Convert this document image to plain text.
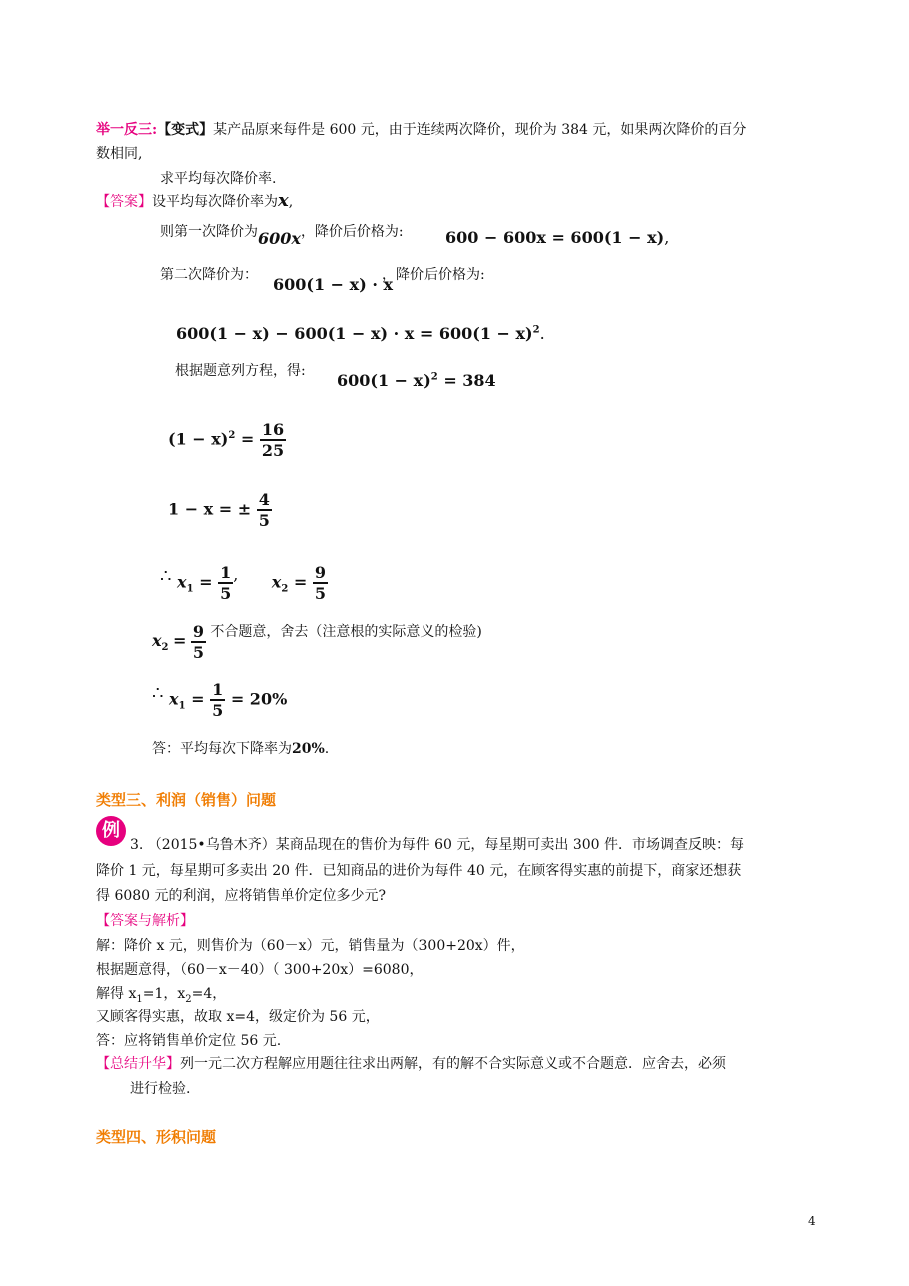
举一反三:【变式】某产品原来每件是 600 元，由于连续两次降价，现价为 384 元，如果两次降价的百分
数相同,
求平均每次降价率.
【答案】设平均每次降价率为x,
则第一次降价为600x，降价后价格为:	600 − 600x = 600(1 − x),
第二次降价为： 600(1 − x) · x
，降价后价格为:
$600(1 - x) - 600(1 - x) \cdot x = 600(1 - x)^2$.
根据题意列方程，得: $600(1 - x)^2 = 384$
$(1 - x)^2 = \frac{16}{25}$
1 − x = ± $\frac{4}{5}$
∴ $x_1 = \frac{1}{5}$ , $x_2 = \frac{9}{5}$
$x_2 = \frac{9}{5}$ 不合题意，舍去（注意根的实际意义的检验)
∴ $x_1 = \frac{1}{5} = 20\%$
答：平均每次下降率为20%.
类型三、利润（销售）问题
例
3. （2015•乌鲁木齐）某商品现在的售价为每件 60 元，每星期可卖出 300 件．市场调查反映：每
降价 1 元，每星期可多卖出 20 件．已知商品的进价为每件 40 元，在顾客得实惠的前提下，商家还想获
得 6080 元的利润，应将销售单价定位多少元?
【答案与解析】
解：降价 x 元，则售价为（60－x）元，销售量为（300+20x）件，
根据题意得，（60－x－40）（ 300+20x）=6080，
解得 $x_1=1$，$x_2=4$，
又顾客得实惠，故取 x=4，级定价为 56 元，
答：应将销售单价定位 56 元.
【总结升华】列一元二次方程解应用题往往求出两解，有的解不合实际意义或不合题意．应舍去，必须
进行检验.
类型四、形积问题
4
